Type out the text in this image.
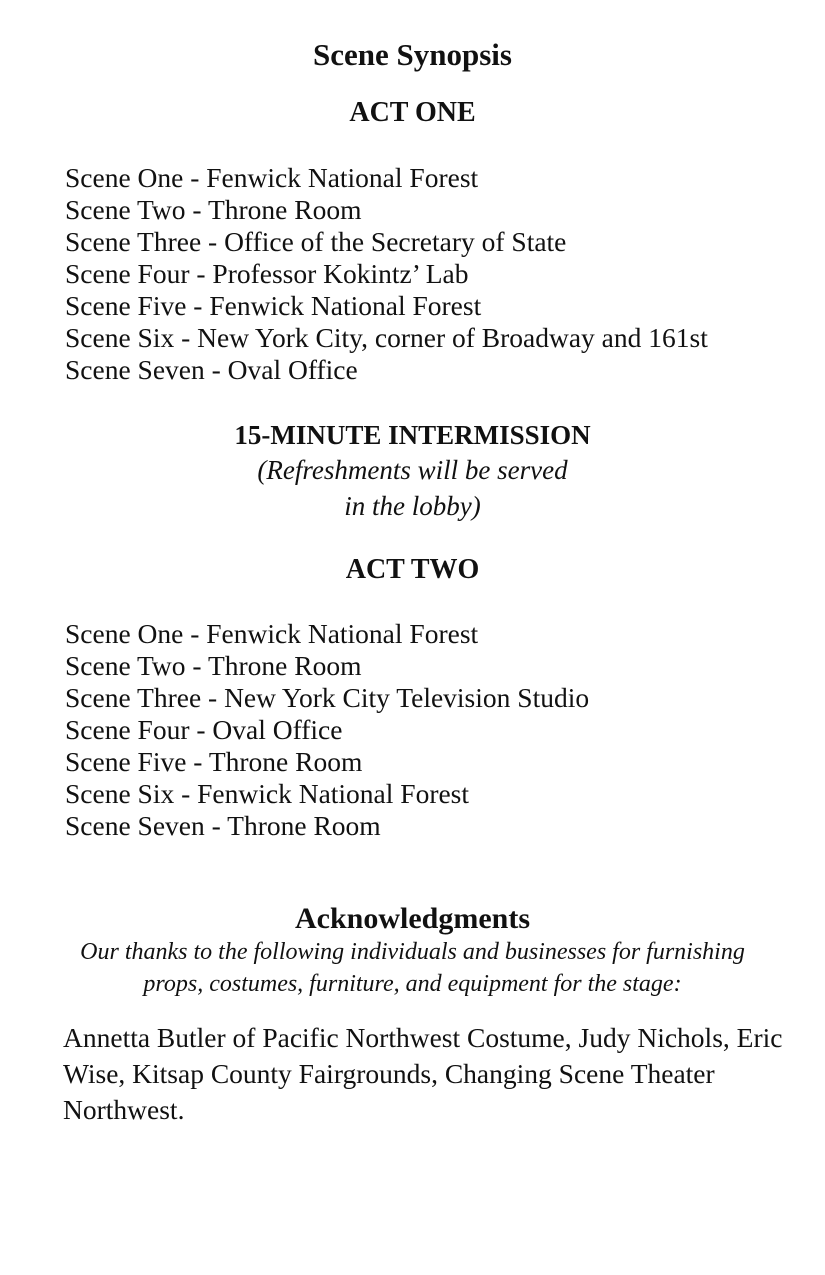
Scene Synopsis
ACT ONE
Scene One - Fenwick National Forest
Scene Two - Throne Room
Scene Three - Office of the Secretary of State
Scene Four - Professor Kokintz’ Lab
Scene Five - Fenwick National Forest
Scene Six - New York City, corner of Broadway and 161st
Scene Seven - Oval Office
15-MINUTE INTERMISSION
(Refreshments will be served
in the lobby)
ACT TWO
Scene One - Fenwick National Forest
Scene Two - Throne Room
Scene Three - New York City Television Studio
Scene Four - Oval Office
Scene Five - Throne Room
Scene Six - Fenwick National Forest
Scene Seven - Throne Room
Acknowledgments
Our thanks to the following individuals and businesses for furnishing
props, costumes, furniture, and equipment for the stage:

Annetta Butler of Pacific Northwest Costume, Judy Nichols, Eric Wise, Kitsap County Fairgrounds, Changing Scene Theater Northwest.
